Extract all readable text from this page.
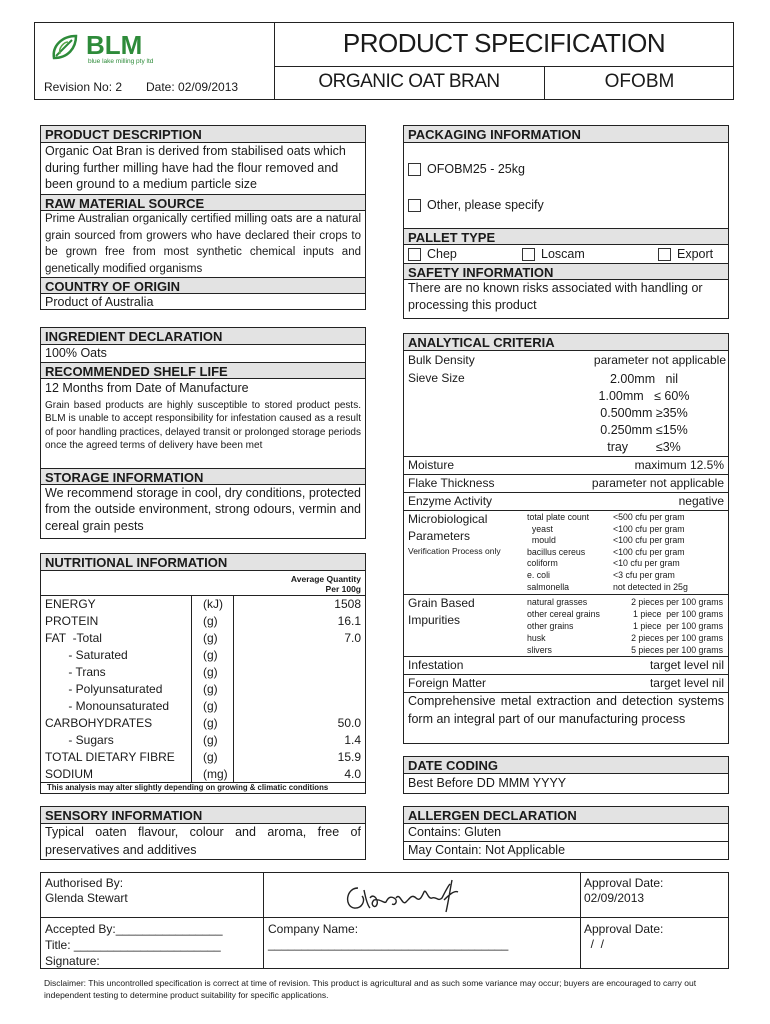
BLM
blue lake milling pty ltd
Revision No: 2 Date: 02/09/2013
PRODUCT SPECIFICATION
ORGANIC OAT BRAN	OFOBM
PRODUCT DESCRIPTION
Organic Oat Bran is derived from stabilised oats which during further milling have had the flour removed and been ground to a medium particle size
RAW MATERIAL SOURCE
Prime Australian organically certified milling oats are a natural grain sourced from growers who have declared their crops to be grown free from most synthetic chemical inputs and genetically modified organisms
COUNTRY OF ORIGIN
Product of Australia
PACKAGING INFORMATION
OFOBM25 - 25kg
Other, please specify
PALLET TYPE
Chep	Loscam	Export
SAFETY INFORMATION
There are no known risks associated with handling or processing this product
INGREDIENT DECLARATION
100% Oats
RECOMMENDED SHELF LIFE
12 Months from Date of Manufacture
Grain based products are highly susceptible to stored product pests. BLM is unable to accept responsibility for infestation caused as a result of poor handling practices, delayed transit or prolonged storage periods once the agreed terms of delivery have been met
STORAGE INFORMATION
We recommend storage in cool, dry conditions, protected from the outside environment, strong odours, vermin and cereal grain pests
NUTRITIONAL INFORMATION
Average Quantity
Per 100g
ENERGY	(kJ)	1508
PROTEIN	(g)	16.1
FAT  -Total	(g)	7.0
- Saturated	(g)
- Trans	(g)
- Polyunsaturated	(g)
- Monounsaturated	(g)
CARBOHYDRATES	(g)	50.0
- Sugars	(g)	1.4
TOTAL DIETARY FIBRE (g)	15.9
SODIUM	(mg)	4.0
This analysis may alter slightly depending on growing & climatic conditions
ANALYTICAL CRITERIA
Bulk Density	parameter not applicable
Sieve Size	2.00mm   nil
1.00mm   ≤ 60%
0.500mm ≥35%
0.250mm ≤15%
tray        ≤3%
Moisture	maximum 12.5%
Flake Thickness	parameter not applicable
Enzyme Activity	negative
Microbiological
Parameters
Verification Process only
total plate count	<500 cfu per gram
yeast	<100 cfu per gram
mould	<100 cfu per gram
bacillus cereus	<100 cfu per gram
coliform	<10 cfu per gram
e. coli	<3 cfu per gram
salmonella	not detected in 25g
Grain Based
Impurities
natural grasses	2 pieces per 100 grams
other cereal grains	1 piece  per 100 grams
other grains	1 piece  per 100 grams
husk	2 pieces per 100 grams
slivers	5 pieces per 100 grams
Infestation	target level nil
Foreign Matter	target level nil
Comprehensive metal extraction and detection systems form an integral part of our manufacturing process
DATE CODING
Best Before DD MMM YYYY
SENSORY INFORMATION
Typical oaten flavour, colour and aroma, free of preservatives and additives
ALLERGEN DECLARATION
Contains: Gluten
May Contain: Not Applicable
Authorised By:
Glenda Stewart
Approval Date:
02/09/2013
Accepted By:________________
Title: ______________________
Signature:
Company Name:
____________________________________
Approval Date:
/  /
Disclaimer: This uncontrolled specification is correct at time of revision. This product is agricultural and as such some variance may occur; buyers are encouraged to carry out independent testing to determine product suitability for specific applications.
